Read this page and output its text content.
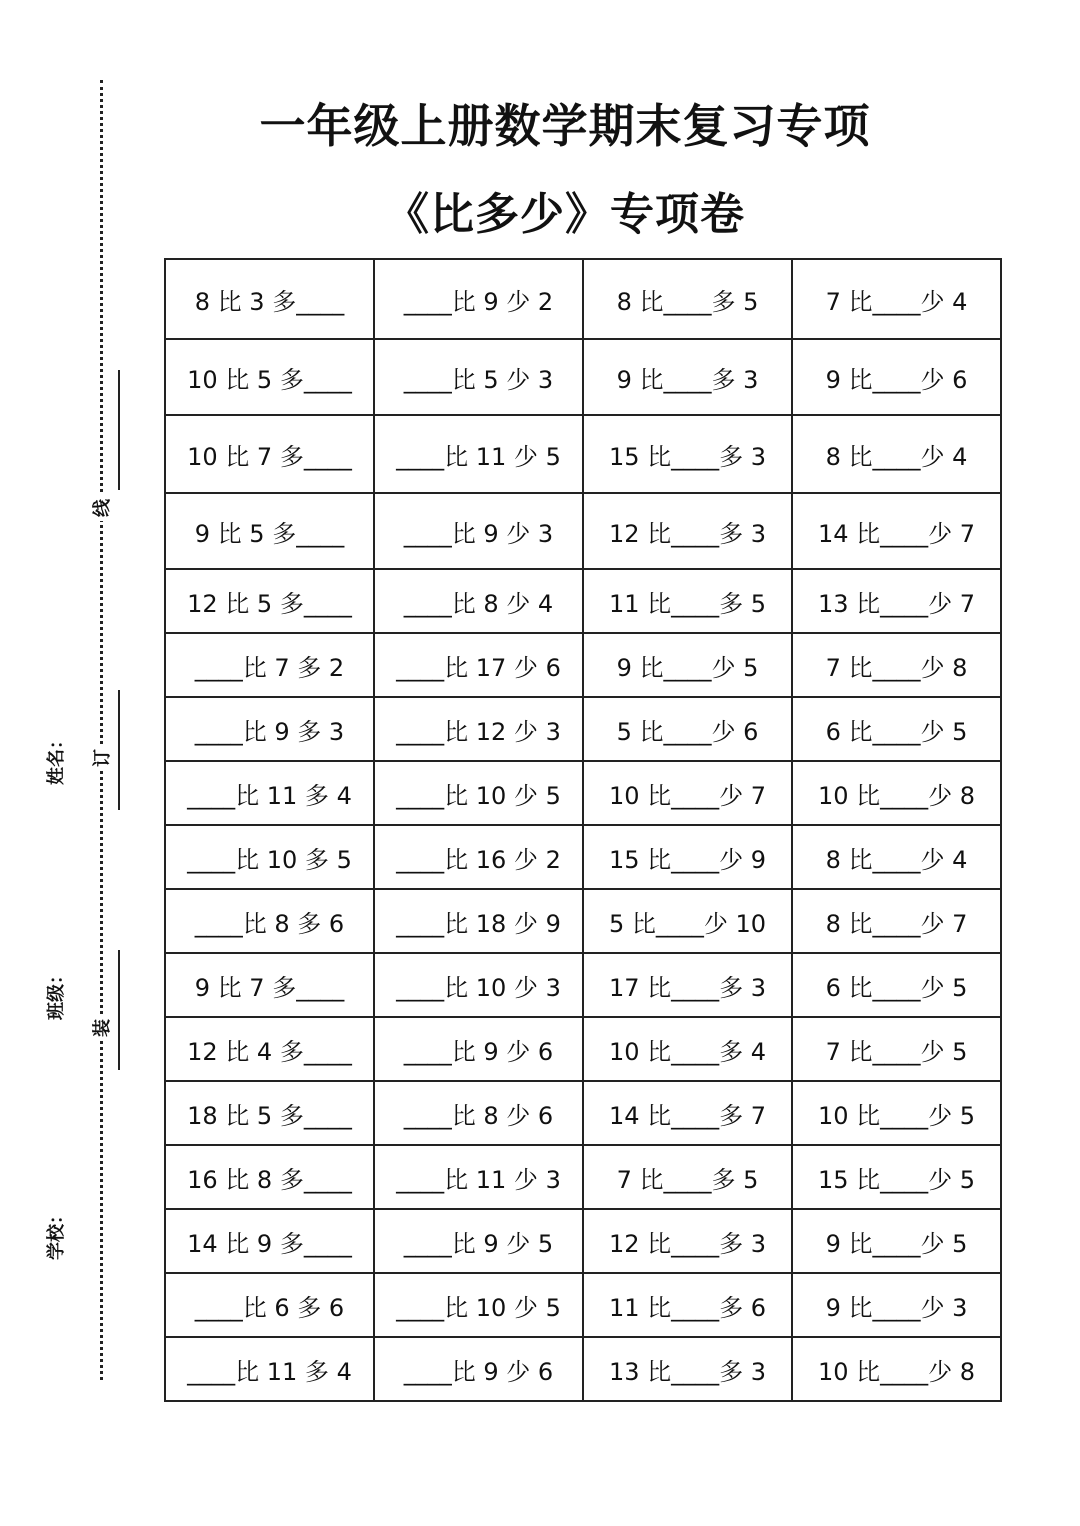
线
订
装
姓名：
班级：
学校：
一年级上册数学期末复习专项
《比多少》专项卷
8 比 3 多____	____比 9 少 2	8 比____多 5	7 比____少 4
10 比 5 多____	____比 5 少 3	9 比____多 3	9 比____少 6
10 比 7 多____	____比 11 少 5	15 比____多 3	8 比____少 4
9 比 5 多____	____比 9 少 3	12 比____多 3	14 比____少 7
12 比 5 多____	____比 8 少 4	11 比____多 5	13 比____少 7
____比 7 多 2	____比 17 少 6	9 比____少 5	7 比____少 8
____比 9 多 3	____比 12 少 3	5 比____少 6	6 比____少 5
____比 11 多 4	____比 10 少 5	10 比____少 7	10 比____少 8
____比 10 多 5	____比 16 少 2	15 比____少 9	8 比____少 4
____比 8 多 6	____比 18 少 9	5 比____少 10	8 比____少 7
9 比 7 多____	____比 10 少 3	17 比____多 3	6 比____少 5
12 比 4 多____	____比 9 少 6	10 比____多 4	7 比____少 5
18 比 5 多____	____比 8 少 6	14 比____多 7	10 比____少 5
16 比 8 多____	____比 11 少 3	7 比____多 5	15 比____少 5
14 比 9 多____	____比 9 少 5	12 比____多 3	9 比____少 5
____比 6 多 6	____比 10 少 5	11 比____多 6	9 比____少 3
____比 11 多 4	____比 9 少 6	13 比____多 3	10 比____少 8
